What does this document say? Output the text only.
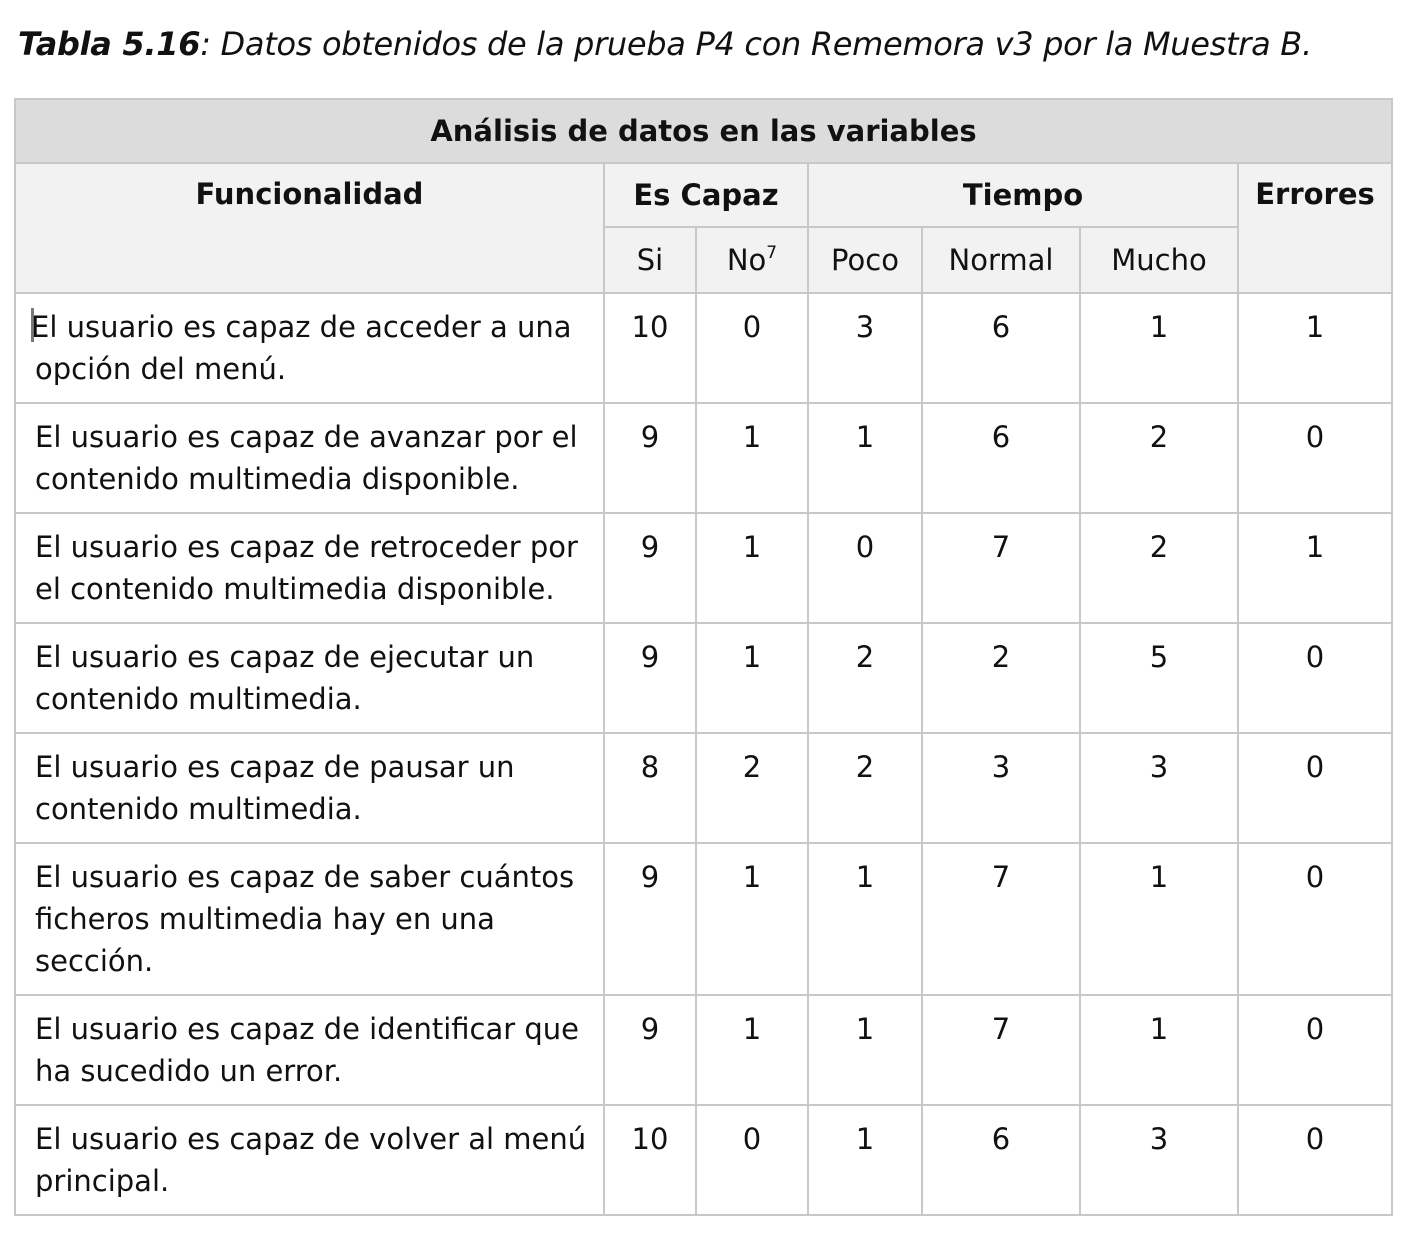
Tabla 5.16: Datos obtenidos de la prueba P4 con Rememora v3 por la Muestra B.
Análisis de datos en las variables						
Funcionalidad	Es Capaz		Tiempo			Errores
	Si	No$^7$	Poco	Normal	Mucho	
El usuario es capaz de acceder a una opción del menú.	10	0	3	6	1	1
El usuario es capaz de avanzar por el contenido multimedia disponible.	9	1	1	6	2	0
El usuario es capaz de retroceder por el contenido multimedia disponible.	9	1	0	7	2	1
El usuario es capaz de ejecutar un contenido multimedia.	9	1	2	2	5	0
El usuario es capaz de pausar un contenido multimedia.	8	2	2	3	3	0
El usuario es capaz de saber cuántos ficheros multimedia hay en una sección.	9	1	1	7	1	0
El usuario es capaz de identificar que ha sucedido un error.	9	1	1	7	1	0
El usuario es capaz de volver al menú principal.	10	0	1	6	3	0
